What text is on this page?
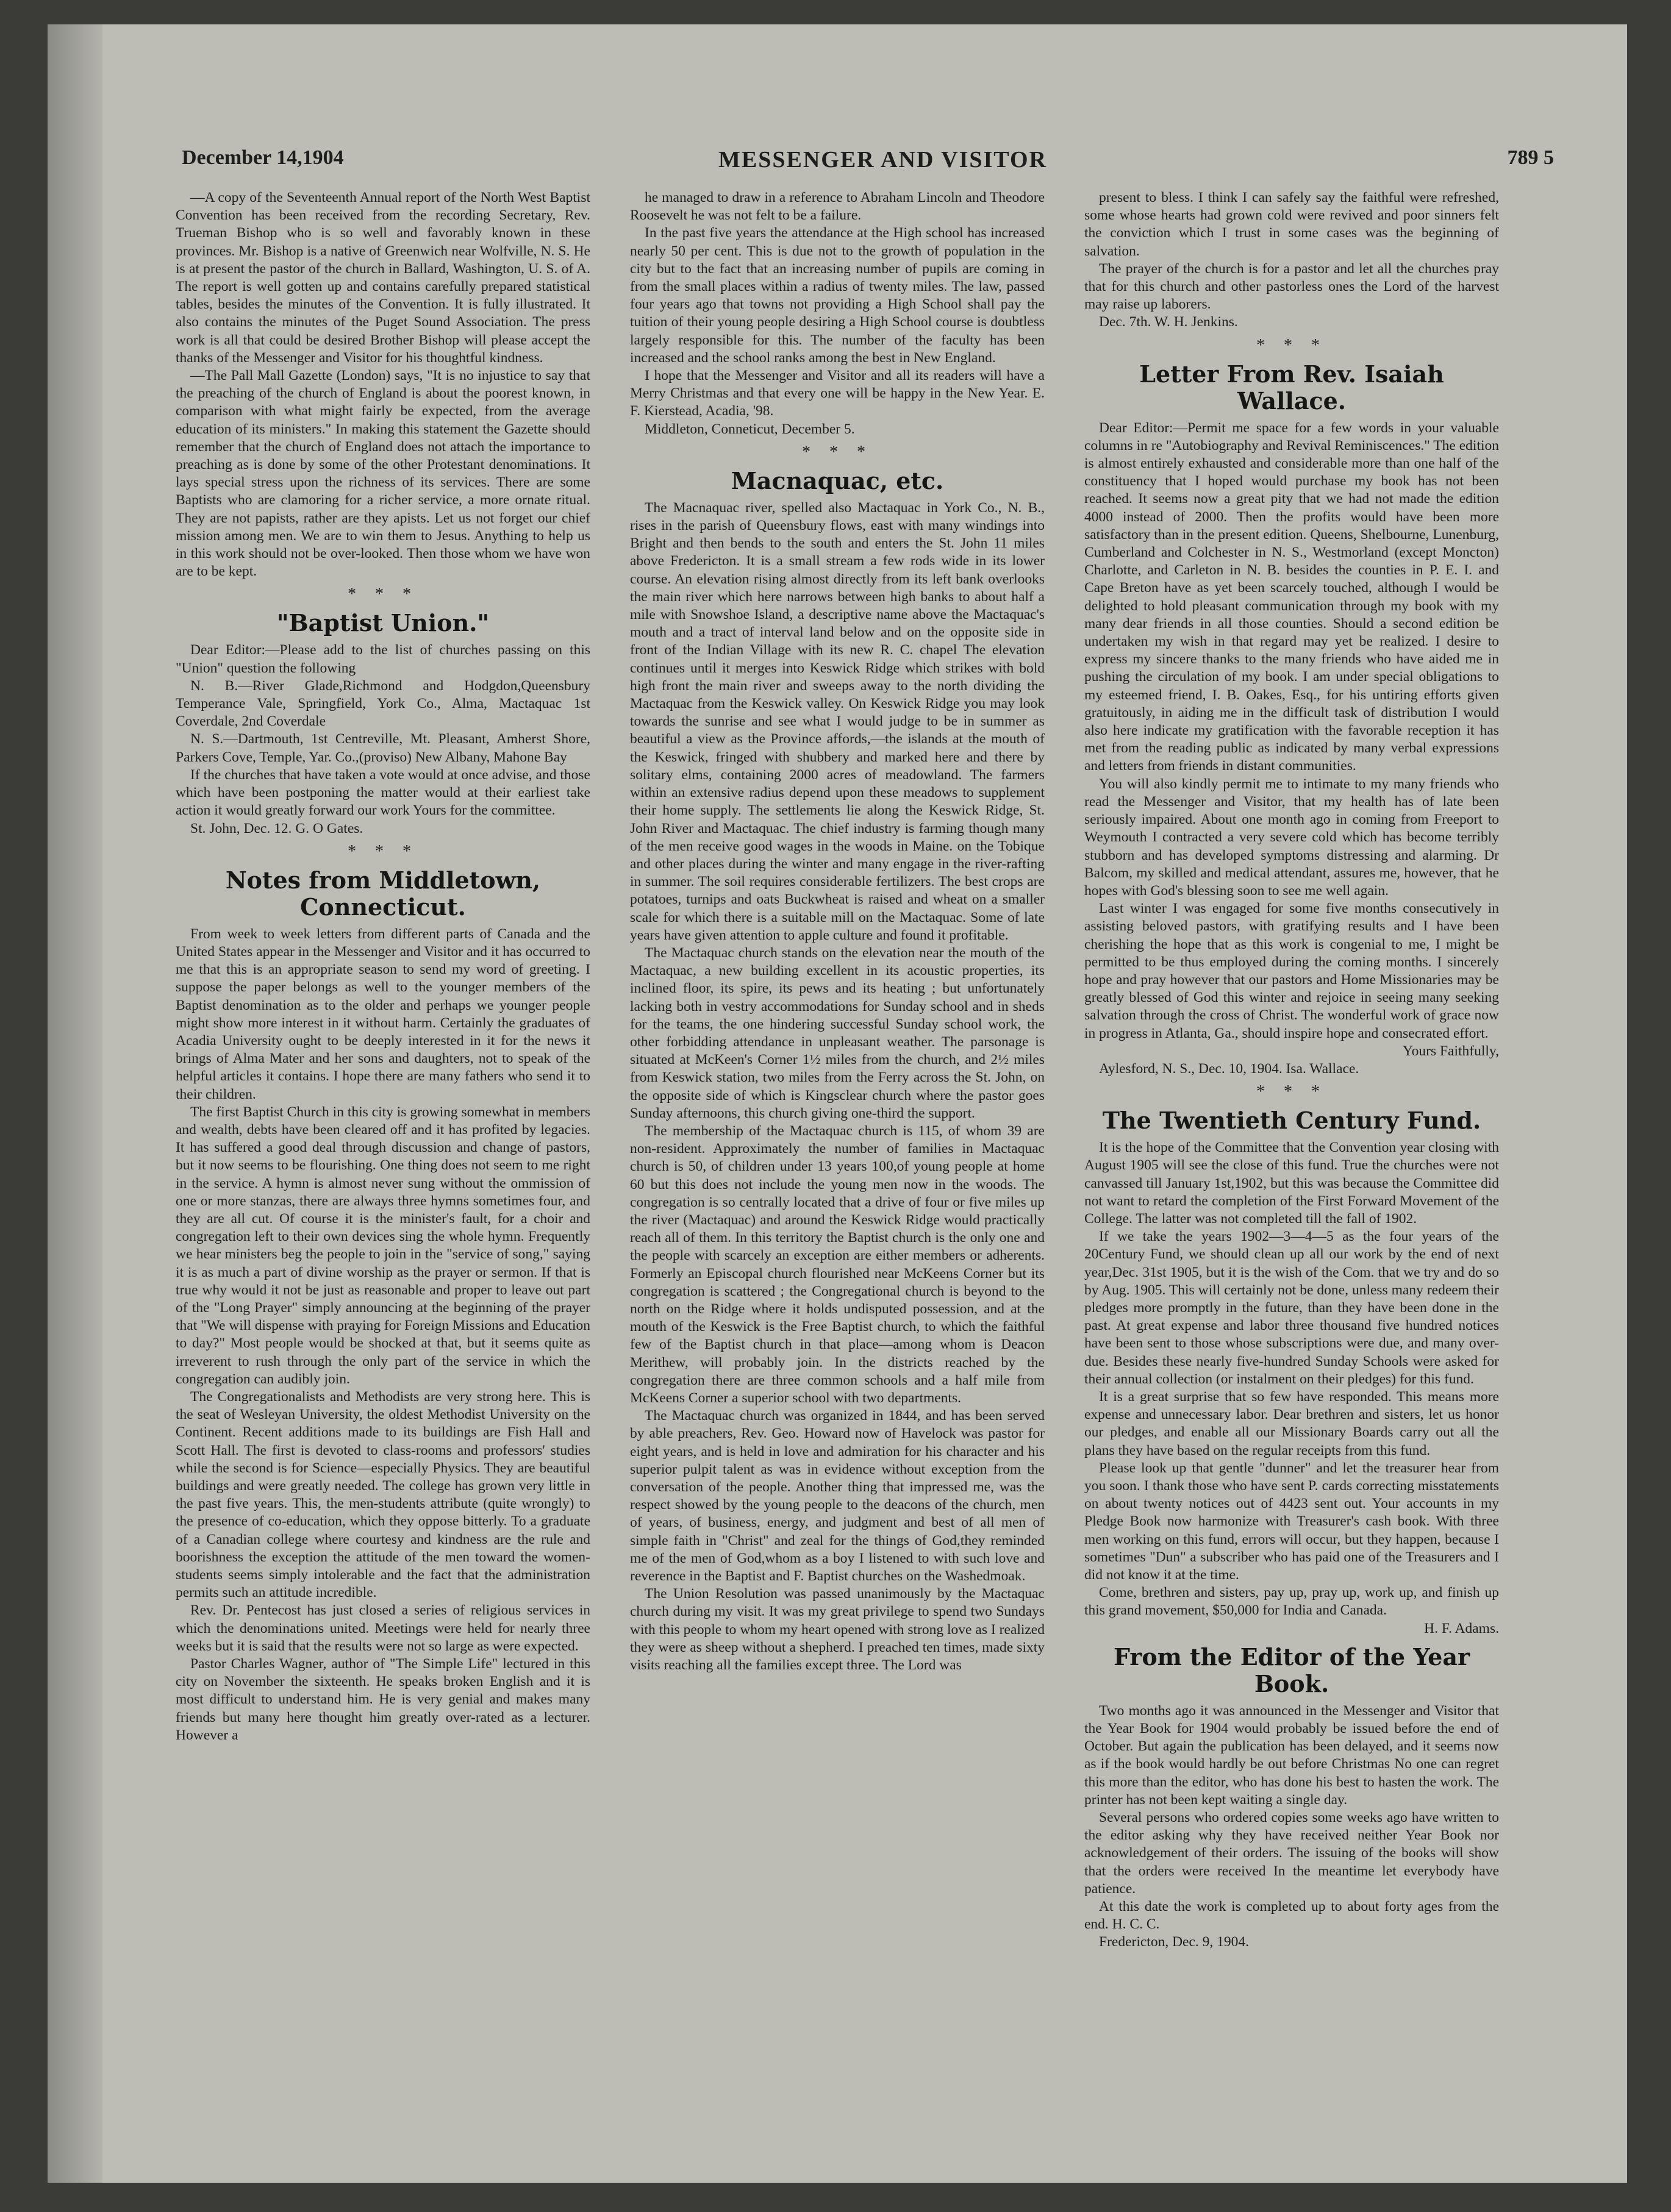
December 14,1904	MESSENGER AND VISITOR	789 5

—A copy of the Seventeenth Annual report of the North West Baptist Convention has been received from the recording Secretary, Rev. Trueman Bishop who is so well and favorably known in these provinces. Mr. Bishop is a native of Greenwich near Wolfville, N. S. He is at present the pastor of the church in Ballard, Washington, U. S. of A. The report is well gotten up and contains carefully prepared statistical tables, besides the minutes of the Convention. It is fully illustrated. It also contains the minutes of the Puget Sound Association. The press work is all that could be desired Brother Bishop will please accept the thanks of the Messenger and Visitor for his thoughtful kindness.

—The Pall Mall Gazette (London) says, "It is no injustice to say that the preaching of the church of England is about the poorest known, in comparison with what might fairly be expected, from the average education of its ministers." In making this statement the Gazette should remember that the church of England does not attach the importance to preaching as is done by some of the other Protestant denominations. It lays special stress upon the richness of its services. There are some Baptists who are clamoring for a richer service, a more ornate ritual. They are not papists, rather are they apists. Let us not forget our chief mission among men. We are to win them to Jesus. Anything to help us in this work should not be over-looked. Then those whom we have won are to be kept.

* * *
"Baptist Union."

Dear Editor:—Please add to the list of churches passing on this "Union" question the following

N. B.—River Glade,Richmond and Hodgdon,Queensbury Temperance Vale, Springfield, York Co., Alma, Mactaquac 1st Coverdale, 2nd Coverdale

N. S.—Dartmouth, 1st Centreville, Mt. Pleasant, Amherst Shore, Parkers Cove, Temple, Yar. Co.,(proviso) New Albany, Mahone Bay

If the churches that have taken a vote would at once advise, and those which have been postponing the matter would at their earliest take action it would greatly forward our work Yours for the committee.

St. John, Dec. 12. G. O Gates.

* * *
Notes from Middletown, Connecticut.

From week to week letters from different parts of Canada and the United States appear in the Messenger and Visitor and it has occurred to me that this is an appropriate season to send my word of greeting. I suppose the paper belongs as well to the younger members of the Baptist denomination as to the older and perhaps we younger people might show more interest in it without harm. Certainly the graduates of Acadia University ought to be deeply interested in it for the news it brings of Alma Mater and her sons and daughters, not to speak of the helpful articles it contains. I hope there are many fathers who send it to their children.

The first Baptist Church in this city is growing somewhat in members and wealth, debts have been cleared off and it has profited by legacies. It has suffered a good deal through discussion and change of pastors, but it now seems to be flourishing. One thing does not seem to me right in the service. A hymn is almost never sung without the ommission of one or more stanzas, there are always three hymns sometimes four, and they are all cut. Of course it is the minister's fault, for a choir and congregation left to their own devices sing the whole hymn. Frequently we hear ministers beg the people to join in the "service of song," saying it is as much a part of divine worship as the prayer or sermon. If that is true why would it not be just as reasonable and proper to leave out part of the "Long Prayer" simply announcing at the beginning of the prayer that "We will dispense with praying for Foreign Missions and Education to day?" Most people would be shocked at that, but it seems quite as irreverent to rush through the only part of the service in which the congregation can audibly join.

The Congregationalists and Methodists are very strong here. This is the seat of Wesleyan University, the oldest Methodist University on the Continent. Recent additions made to its buildings are Fish Hall and Scott Hall. The first is devoted to class-rooms and professors' studies while the second is for Science—especially Physics. They are beautiful buildings and were greatly needed. The college has grown very little in the past five years. This, the men-students attribute (quite wrongly) to the presence of co-education, which they oppose bitterly. To a graduate of a Canadian college where courtesy and kindness are the rule and boorishness the exception the attitude of the men toward the women-students seems simply intolerable and the fact that the administration permits such an attitude incredible.

Rev. Dr. Pentecost has just closed a series of religious services in which the denominations united. Meetings were held for nearly three weeks but it is said that the results were not so large as were expected.

Pastor Charles Wagner, author of "The Simple Life" lectured in this city on November the sixteenth. He speaks broken English and it is most difficult to understand him. He is very genial and makes many friends but many here thought him greatly over-rated as a lecturer. However a

he managed to draw in a reference to Abraham Lincoln and Theodore Roosevelt he was not felt to be a failure.

In the past five years the attendance at the High school has increased nearly 50 per cent. This is due not to the growth of population in the city but to the fact that an increasing number of pupils are coming in from the small places within a radius of twenty miles. The law, passed four years ago that towns not providing a High School shall pay the tuition of their young people desiring a High School course is doubtless largely responsible for this. The number of the faculty has been increased and the school ranks among the best in New England.

I hope that the Messenger and Visitor and all its readers will have a Merry Christmas and that every one will be happy in the New Year. E. F. Kierstead, Acadia, '98.

Middleton, Conneticut, December 5.

* * *
Macnaquac, etc.

The Macnaquac river, spelled also Mactaquac in York Co., N. B., rises in the parish of Queensbury flows, east with many windings into Bright and then bends to the south and enters the St. John 11 miles above Fredericton. It is a small stream a few rods wide in its lower course. An elevation rising almost directly from its left bank overlooks the main river which here narrows between high banks to about half a mile with Snowshoe Island, a descriptive name above the Mactaquac's mouth and a tract of interval land below and on the opposite side in front of the Indian Village with its new R. C. chapel The elevation continues until it merges into Keswick Ridge which strikes with bold high front the main river and sweeps away to the north dividing the Mactaquac from the Keswick valley. On Keswick Ridge you may look towards the sunrise and see what I would judge to be in summer as beautiful a view as the Province affords,—the islands at the mouth of the Keswick, fringed with shubbery and marked here and there by solitary elms, containing 2000 acres of meadowland. The farmers within an extensive radius depend upon these meadows to supplement their home supply. The settlements lie along the Keswick Ridge, St. John River and Mactaquac. The chief industry is farming though many of the men receive good wages in the woods in Maine. on the Tobique and other places during the winter and many engage in the river-rafting in summer. The soil requires considerable fertilizers. The best crops are potatoes, turnips and oats Buckwheat is raised and wheat on a smaller scale for which there is a suitable mill on the Mactaquac. Some of late years have given attention to apple culture and found it profitable.

The Mactaquac church stands on the elevation near the mouth of the Mactaquac, a new building excellent in its acoustic properties, its inclined floor, its spire, its pews and its heating ; but unfortunately lacking both in vestry accommodations for Sunday school and in sheds for the teams, the one hindering successful Sunday school work, the other forbidding attendance in unpleasant weather. The parsonage is situated at McKeen's Corner 1½ miles from the church, and 2½ miles from Keswick station, two miles from the Ferry across the St. John, on the opposite side of which is Kingsclear church where the pastor goes Sunday afternoons, this church giving one-third the support.

The membership of the Mactaquac church is 115, of whom 39 are non-resident. Approximately the number of families in Mactaquac church is 50, of children under 13 years 100,of young people at home 60 but this does not include the young men now in the woods. The congregation is so centrally located that a drive of four or five miles up the river (Mactaquac) and around the Keswick Ridge would practically reach all of them. In this territory the Baptist church is the only one and the people with scarcely an exception are either members or adherents. Formerly an Episcopal church flourished near McKeens Corner but its congregation is scattered ; the Congregational church is beyond to the north on the Ridge where it holds undisputed possession, and at the mouth of the Keswick is the Free Baptist church, to which the faithful few of the Baptist church in that place—among whom is Deacon Merithew, will probably join. In the districts reached by the congregation there are three common schools and a half mile from McKeens Corner a superior school with two departments.

The Mactaquac church was organized in 1844, and has been served by able preachers, Rev. Geo. Howard now of Havelock was pastor for eight years, and is held in love and admiration for his character and his superior pulpit talent as was in evidence without exception from the conversation of the people. Another thing that impressed me, was the respect showed by the young people to the deacons of the church, men of years, of business, energy, and judgment and best of all men of simple faith in "Christ" and zeal for the things of God,they reminded me of the men of God,whom as a boy I listened to with such love and reverence in the Baptist and F. Baptist churches on the Washedmoak.

The Union Resolution was passed unanimously by the Mactaquac church during my visit. It was my great privilege to spend two Sundays with this people to whom my heart opened with strong love as I realized they were as sheep without a shepherd. I preached ten times, made sixty visits reaching all the families except three. The Lord was

present to bless. I think I can safely say the faithful were refreshed, some whose hearts had grown cold were revived and poor sinners felt the conviction which I trust in some cases was the beginning of salvation.

The prayer of the church is for a pastor and let all the churches pray that for this church and other pastorless ones the Lord of the harvest may raise up laborers.

Dec. 7th. W. H. Jenkins.

* * *
Letter From Rev. Isaiah Wallace.

Dear Editor:—Permit me space for a few words in your valuable columns in re "Autobiography and Revival Reminiscences." The edition is almost entirely exhausted and considerable more than one half of the constituency that I hoped would purchase my book has not been reached. It seems now a great pity that we had not made the edition 4000 instead of 2000. Then the profits would have been more satisfactory than in the present edition. Queens, Shelbourne, Lunenburg, Cumberland and Colchester in N. S., Westmorland (except Moncton) Charlotte, and Carleton in N. B. besides the counties in P. E. I. and Cape Breton have as yet been scarcely touched, although I would be delighted to hold pleasant communication through my book with my many dear friends in all those counties. Should a second edition be undertaken my wish in that regard may yet be realized. I desire to express my sincere thanks to the many friends who have aided me in pushing the circulation of my book. I am under special obligations to my esteemed friend, I. B. Oakes, Esq., for his untiring efforts given gratuitously, in aiding me in the difficult task of distribution I would also here indicate my gratification with the favorable reception it has met from the reading public as indicated by many verbal expressions and letters from friends in distant communities.

You will also kindly permit me to intimate to my many friends who read the Messenger and Visitor, that my health has of late been seriously impaired. About one month ago in coming from Freeport to Weymouth I contracted a very severe cold which has become terribly stubborn and has developed symptoms distressing and alarming. Dr Balcom, my skilled and medical attendant, assures me, however, that he hopes with God's blessing soon to see me well again.

Last winter I was engaged for some five months consecutively in assisting beloved pastors, with gratifying results and I have been cherishing the hope that as this work is congenial to me, I might be permitted to be thus employed during the coming months. I sincerely hope and pray however that our pastors and Home Missionaries may be greatly blessed of God this winter and rejoice in seeing many seeking salvation through the cross of Christ. The wonderful work of grace now in progress in Atlanta, Ga., should inspire hope and consecrated effort.

Yours Faithfully,

Aylesford, N. S., Dec. 10, 1904. Isa. Wallace.

* * *
The Twentieth Century Fund.

It is the hope of the Committee that the Convention year closing with August 1905 will see the close of this fund. True the churches were not canvassed till January 1st,1902, but this was because the Committee did not want to retard the completion of the First Forward Movement of the College. The latter was not completed till the fall of 1902.

If we take the years 1902—3—4—5 as the four years of the 20Century Fund, we should clean up all our work by the end of next year,Dec. 31st 1905, but it is the wish of the Com. that we try and do so by Aug. 1905. This will certainly not be done, unless many redeem their pledges more promptly in the future, than they have been done in the past. At great expense and labor three thousand five hundred notices have been sent to those whose subscriptions were due, and many over-due. Besides these nearly five-hundred Sunday Schools were asked for their annual collection (or instalment on their pledges) for this fund.

It is a great surprise that so few have responded. This means more expense and unnecessary labor. Dear brethren and sisters, let us honor our pledges, and enable all our Missionary Boards carry out all the plans they have based on the regular receipts from this fund.

Please look up that gentle "dunner" and let the treasurer hear from you soon. I thank those who have sent P. cards correcting misstatements on about twenty notices out of 4423 sent out. Your accounts in my Pledge Book now harmonize with Treasurer's cash book. With three men working on this fund, errors will occur, but they happen, because I sometimes "Dun" a subscriber who has paid one of the Treasurers and I did not know it at the time.

Come, brethren and sisters, pay up, pray up, work up, and finish up this grand movement, $50,000 for India and Canada.

H. F. Adams.

From the Editor of the Year Book.

Two months ago it was announced in the Messenger and Visitor that the Year Book for 1904 would probably be issued before the end of October. But again the publication has been delayed, and it seems now as if the book would hardly be out before Christmas No one can regret this more than the editor, who has done his best to hasten the work. The printer has not been kept waiting a single day.

Several persons who ordered copies some weeks ago have written to the editor asking why they have received neither Year Book nor acknowledgement of their orders. The issuing of the books will show that the orders were received In the meantime let everybody have patience.

At this date the work is completed up to about forty ages from the end. H. C. C.

Fredericton, Dec. 9, 1904.
